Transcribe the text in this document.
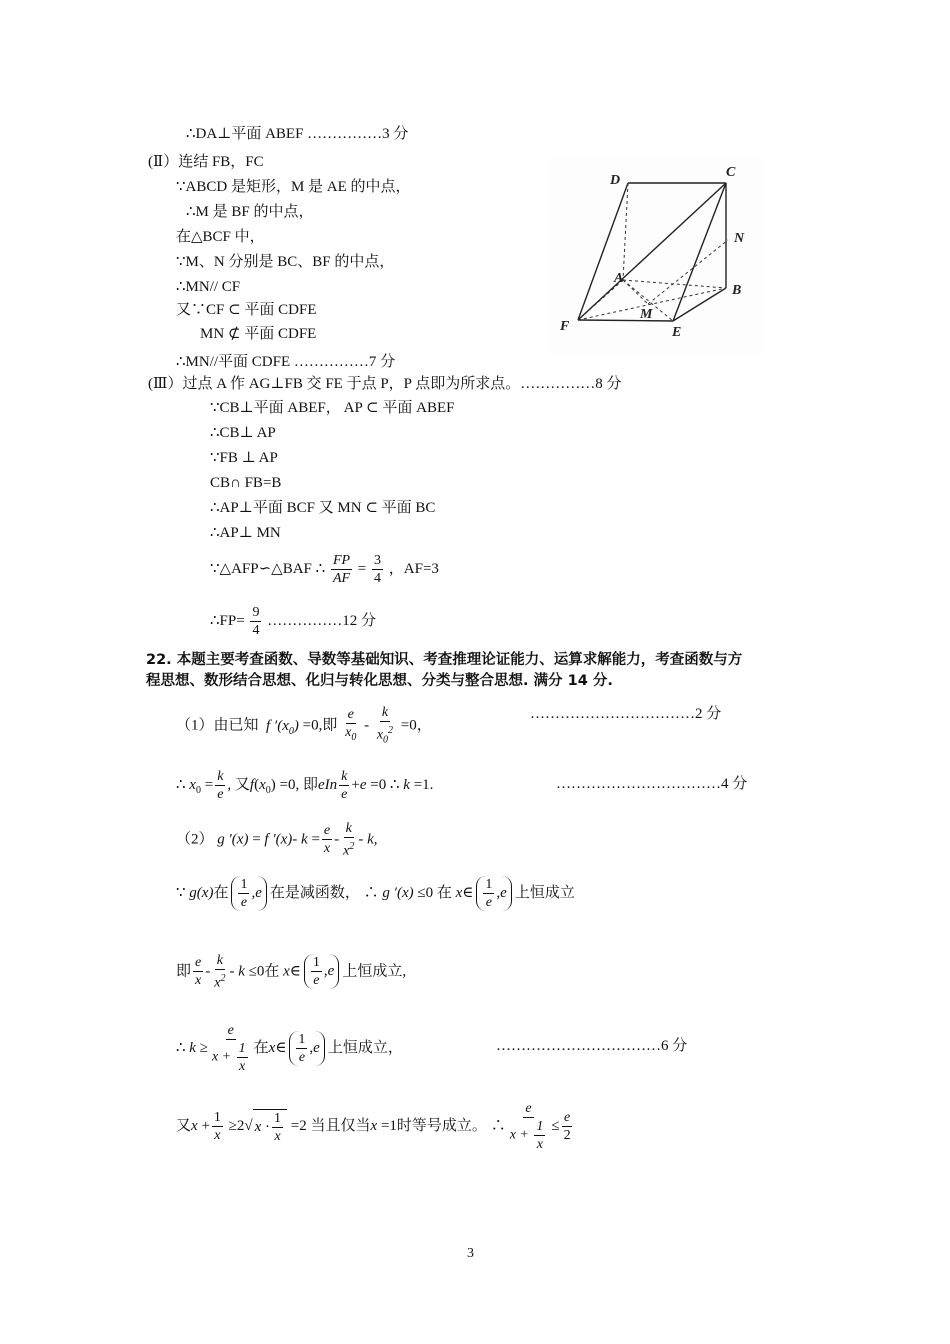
D
C
N
A
B
F
M
E
∴DA⊥平面 ABEF ……………3 分
(Ⅱ）连结 FB，FC
∵ABCD 是矩形，M 是 AE 的中点，
∴M 是 BF 的中点，
在△BCF 中，
∵M、N 分别是 BC、BF 的中点，
∴MN// CF
又∵CF ⊂ 平面 CDFE
MN ⊄ 平面 CDFE
∴MN//平面 CDFE ……………7 分
(Ⅲ）过点 A 作 AG⊥FB 交 FE 于点 P，P 点即为所求点。……………8 分
∵CB⊥平面 ABEF， AP ⊂ 平面 ABEF
∴CB⊥ AP
∵FB ⊥ AP
CB∩ FB=B
∴AP⊥平面 BCF 又 MN ⊂ 平面 BC
∴AP⊥ MN
∵△AFP∽△BAF ∴ $\frac{FP}{AF} = \frac{3}{4}$ ，AF=3
∴FP= $\frac{9}{4}$ ……………12 分
22. 本题主要考查函数、导数等基础知识、考查推理论证能力、运算求解能力，考查函数与方
程思想、数形结合思想、化归与转化思想、分类与整合思想. 满分 14 分.
（1）由已知  f $'(x_0) =0$,即 $\frac{e}{x_0} - \frac{k}{x_0^2} =0$，
……………………………2 分
∴ $x_0 = \frac{k}{e}$ , 又$f(x_0) =0$, 即eIn $\frac{k}{e} +e =0$ ∴ k =1.	……………………………4 分
（2） g ′(x) = f ′(x)- $k = \frac{e}{x} - \frac{k}{x^2} - k$,
∵ g(x)在 $\frac{1}{e} ,e$ 在是减函数， ∴ g ′(x) ≤0 在 x∈ $\frac{1}{e} ,e$ 上恒成立
即 $\frac{e}{x} - \frac{k}{x^2} - k \le 0$在 x∈ $\frac{1}{e} ,e$ 上恒成立,
∴ $k \ge \frac{e}{x + \frac{1}{x}}$ 在x∈ $\frac{1}{e} ,e$ 上恒成立，	……………………………6 分
又$x + \frac{1}{x} \ge 2√$ $x \cdot \frac{1}{x} =2$ 当且仅当x =1时等号成立。 ∴ $\frac{e}{x + \frac{1}{x}} \le \frac{e}{2}$
3
